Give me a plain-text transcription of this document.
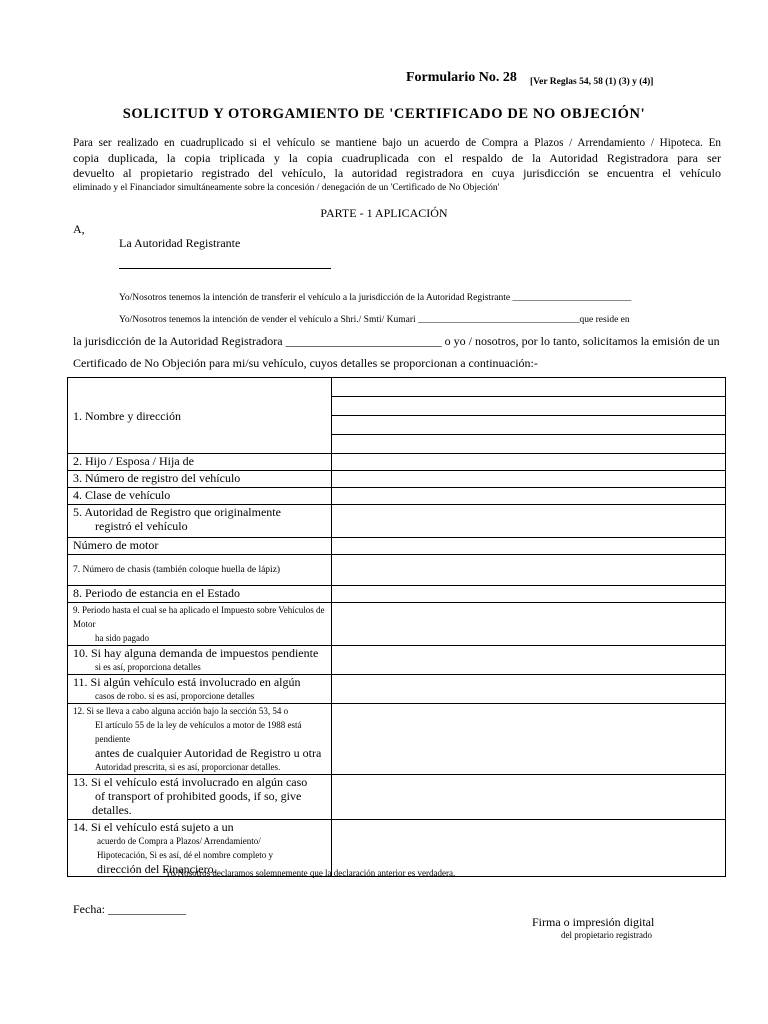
Formulario No. 28 [Ver Reglas 54, 58 (1) (3) y (4)]
SOLICITUD Y OTORGAMIENTO DE 'CERTIFICADO DE NO OBJECIÓN'
Para ser realizado en cuadruplicado si el vehículo se mantiene bajo un acuerdo de Compra a Plazos / Arrendamiento / Hipoteca. En
copia duplicada, la copia triplicada y la copia cuadruplicada con el respaldo de la Autoridad Registradora para ser
devuelto al propietario registrado del vehículo, la autoridad registradora en cuya jurisdicción se encuentra el vehículo
eliminado y el Financiador simultáneamente sobre la concesión / denegación de un 'Certificado de No Objeción'
PARTE - 1 APLICACIÓN
A,
La Autoridad Registrante
Yo/Nosotros tenemos la intención de transferir el vehículo a la jurisdicción de la Autoridad Registrante _________________________
Yo/Nosotros tenemos la intención de vender el vehículo a Shri./ Smti/ Kumari __________________________________que reside en
la jurisdicción de la Autoridad Registradora __________________________ o yo / nosotros, por lo tanto, solicitamos la emisión de un
Certificado de No Objeción para mi/su vehículo, cuyos detalles se proporcionan a continuación:-
1. Nombre y dirección	

2. Hijo / Esposa / Hija de	
3. Número de registro del vehículo	
4. Clase de vehículo	

5. Autoridad de Registro que originalmente
registró el vehículo

Número de motor	
7. Número de chasis (también coloque huella de lápiz)	
8. Periodo de estancia en el Estado	

9. Periodo hasta el cual se ha aplicado el Impuesto sobre Vehículos de Motor
ha sido pagado

10. Si hay alguna demanda de impuestos pendiente
si es así, proporciona detalles

11. Si algún vehículo está involucrado en algún
casos de robo. si es así, proporcione detalles

12. Si se lleva a cabo alguna acción bajo la sección 53, 54 o
El artículo 55 de la ley de vehículos a motor de 1988 está pendiente
antes de cualquier Autoridad de Registro u otra
Autoridad prescrita, si es así, proporcionar detalles.

13. Si el vehículo está involucrado en algún caso
of transport of prohibited goods, if so, give
detalles.

14. Si el vehículo está sujeto a un
acuerdo de Compra a Plazos/ Arrendamiento/
Hipotecación, Si es así, dé el nombre completo y
dirección del Financiero.

Yo/Nosotros declaramos solemnemente que la declaración anterior es verdadera.
Fecha: _____________
Firma o impresión digital
del propietario registrado
